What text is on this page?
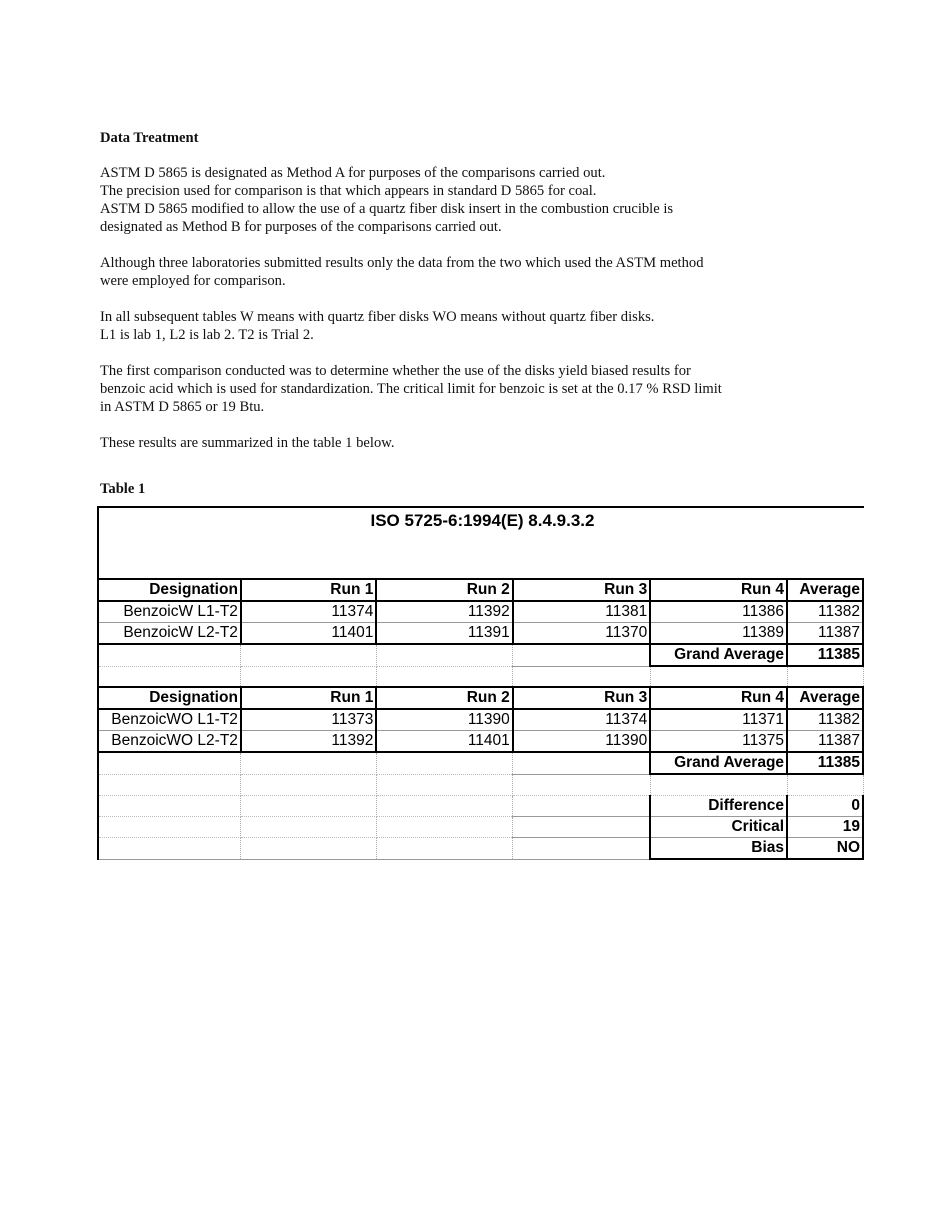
Data Treatment
ASTM D 5865 is designated as Method A for purposes of the comparisons carried out.
The precision used for comparison is that which appears in standard D 5865 for coal.
ASTM D 5865 modified to allow the use of a quartz fiber disk insert in the combustion crucible is
designated as Method B for purposes of the comparisons carried out.
Although three laboratories submitted results only the data from the two which used the ASTM method
were employed for comparison.
In all subsequent tables W means with quartz fiber disks WO means without quartz fiber disks.
L1 is lab 1, L2 is lab 2. T2 is Trial 2.
The first comparison conducted was to determine whether the use of the disks yield biased results for
benzoic acid which is used for standardization. The critical limit for benzoic is set at the 0.17 % RSD limit
in ASTM D 5865 or 19 Btu.
These results are summarized in the table 1 below.
Table 1
ISO 5725-6:1994(E) 8.4.9.3.2
Designation	Run 1	Run 2	Run 3	Run 4	Average
BenzoicW L1-T2	11374	11392	11381	11386	11382
BenzoicW L2-T2	11401	11391	11370	11389	11387
				Grand Average	11385

Designation	Run 1	Run 2	Run 3	Run 4	Average
BenzoicWO L1-T2	11373	11390	11374	11371	11382
BenzoicWO L2-T2	11392	11401	11390	11375	11387
				Grand Average	11385

				Difference	0
				Critical	19
				Bias	NO
